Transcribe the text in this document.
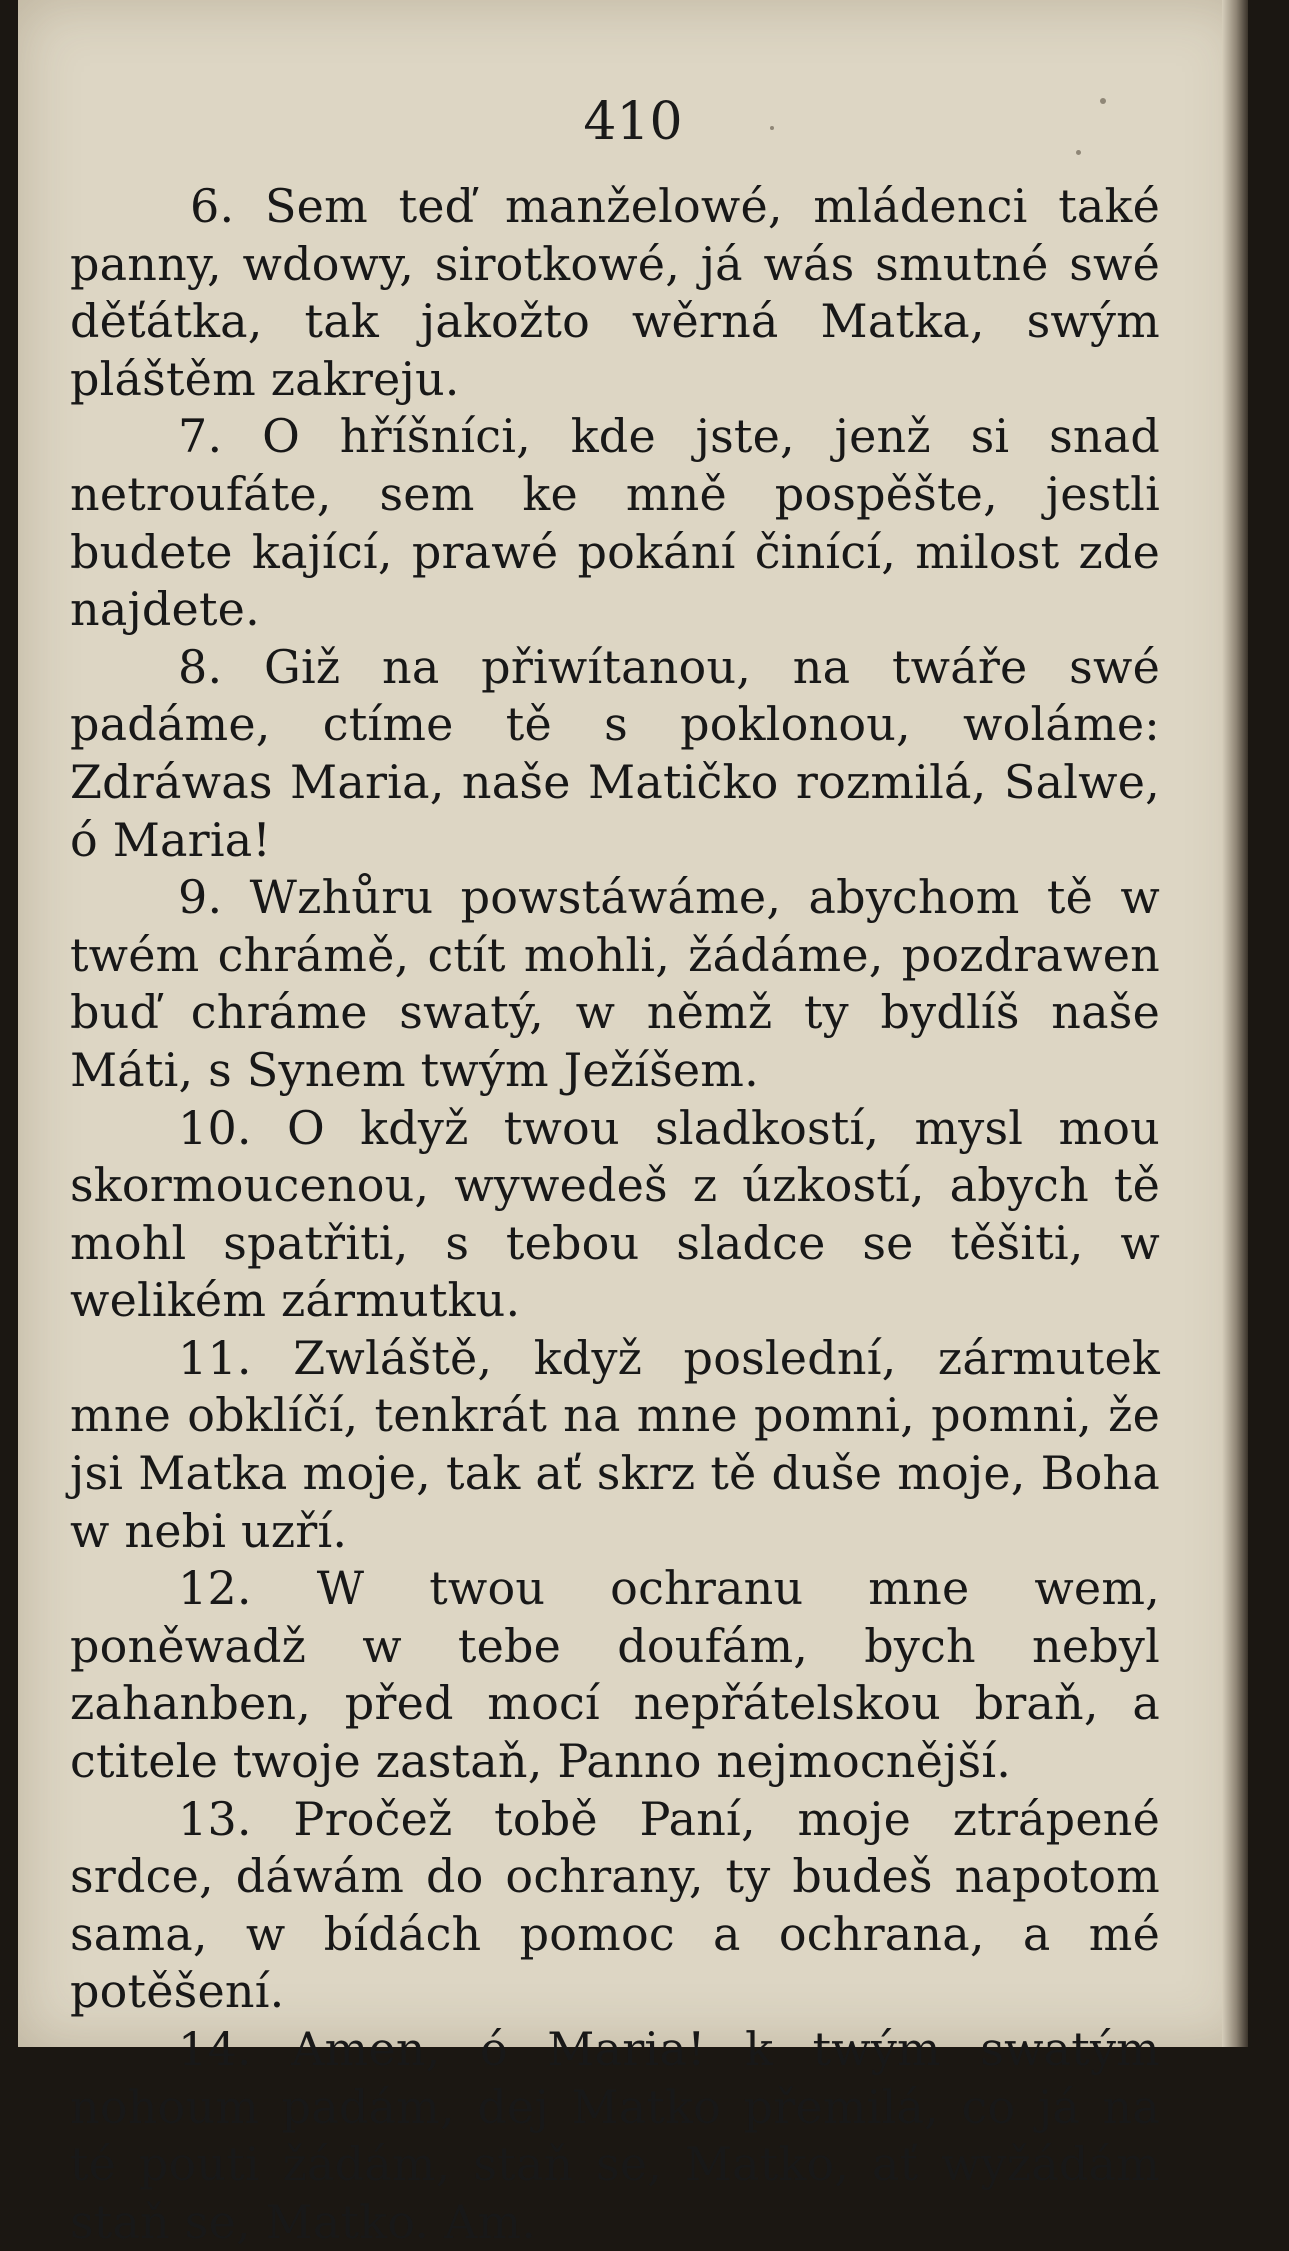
410

6. Sem teď manželowé, mládenci také panny, wdowy, sirotkowé, já wás smutné swé děťátka, tak jakožto wěrná Matka, swým pláštěm zakreju.

7. O hříšníci, kde jste, jenž si snad netroufáte, sem ke mně pospěšte, jestli budete kající, prawé pokání činící, milost zde najdete.

8. Giž na přiwítanou, na twáře swé padáme, ctíme tě s poklonou, woláme: Zdráwas Maria, naše Matičko rozmilá, Salwe, ó Maria!

9. Wzhůru powstáwáme, abychom tě w twém chrámě, ctít mohli, žádáme, pozdrawen buď chráme swatý, w němž ty bydlíš naše Máti, s Synem twým Ježíšem.

10. O když twou sladkostí, mysl mou skormoucenou, wywedeš z úzkostí, abych tě mohl spatřiti, s tebou sladce se těšiti, w welikém zármutku.

11. Zwláště, když poslední, zármutek mne obklíčí, tenkrát na mne pomni, pomni, že jsi Matka moje, tak ať skrz tě duše moje, Boha w nebi uzří.

12. W twou ochranu mne wem, poněwadž w tebe doufám, bych nebyl zahanben, před mocí nepřátelskou braň, a ctitele twoje zastaň, Panno nejmocnější.

13. Pročež tobě Paní, moje ztrápené srdce, dáwám do ochrany, ty budeš napotom sama, w bídách pomoc a ochrana, a mé potěšení.

14. Amen, ó Maria! k twým swatým nohoum padám, dej Matko přemilá, co já na té pouti žádám, staň se, Matko, ať wyžádám staň se, Matko. Am.
